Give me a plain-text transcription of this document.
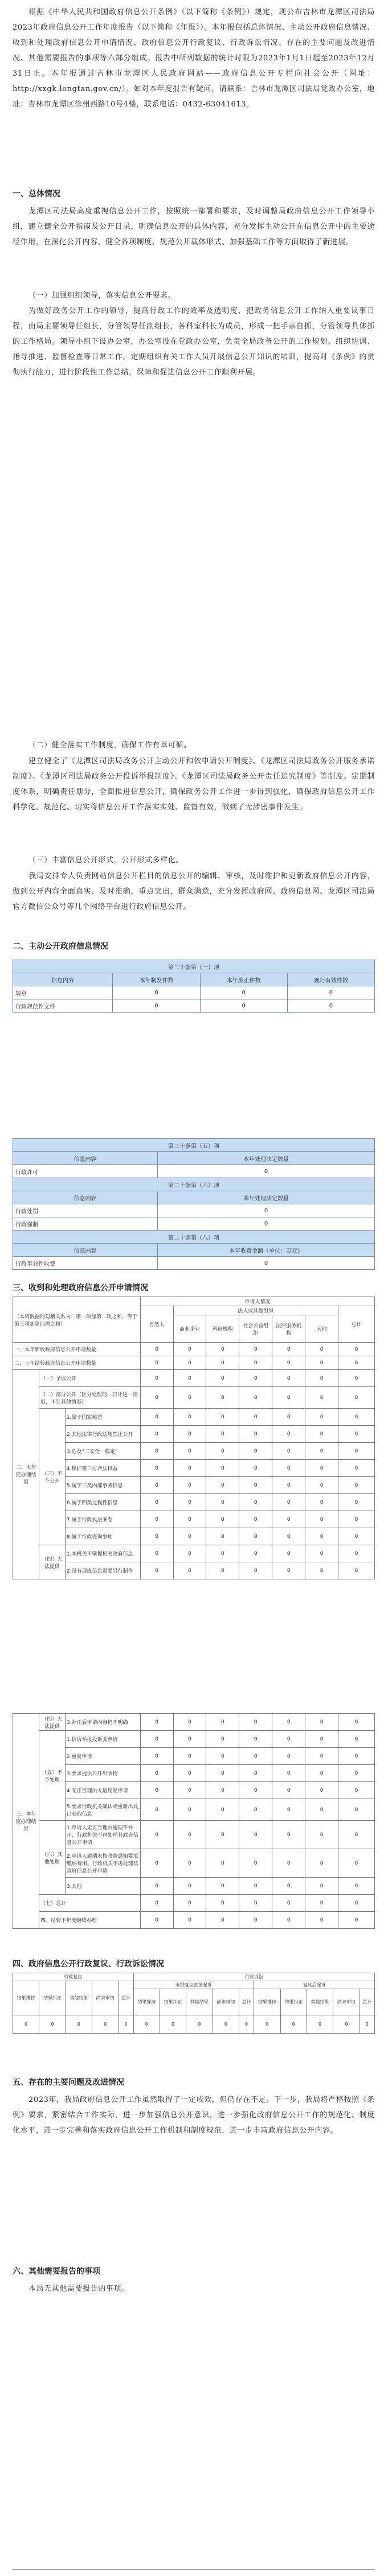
根据《中华人民共和国政府信息公开条例》（以下简称《条例》）规定，现公布吉林市龙潭区司法局2023年政府信息公开工作年度报告（以下简称《年报》）。本年报包括总体情况、主动公开政府信息情况、收到和处理政府信息公开申请情况、政府信息公开行政复议、行政诉讼情况、存在的主要问题及改进情况、其他需要报告的事项等六部分组成。报告中所列数据的统计时限为2023年1月1日起至2023年12月31日止。本年报通过吉林市龙潭区人民政府网站——政府信息公开专栏向社会公开（网址：http://xxgk.longtan.gov.cn/）。如对本年度报告有疑问，请联系：吉林市龙潭区司法局党政办公室，地址：吉林市龙潭区徐州西路10号4楼，联系电话：0432-63041613。
一、总体情况
龙潭区司法局高度重视信息公开工作，按照统一部署和要求，及时调整局政府信息公开工作领导小组，建立健全公开指南及公开目录，明确信息公开的具体内容，充分发挥主动公开在信息公开中的主要途径作用，在深化公开内容、健全各项制度、规范公开载体形式、加强基础工作等方面取得了新进展。
（一）加强组织领导，落实信息公开要求。
为做好政务公开工作的领导，提高行政工作的效率及透明度，把政务信息公开工作纳入重要议事日程，由局主要领导任组长，分管领导任副组长，各科室科长为成员，形成一把手亲自抓，分管领导具体抓的工作格局。领导小组下设办公室，办公室设在党政办公室，负责全局政务公开的工作规划、组织协调、指导推进、监督检查等日常工作。定期组织有关工作人员开展信息公开知识的培训，提高对《条例》的贯彻执行能力，进行阶段性工作总结，保障和促进信息公开工作顺利开展。
（二）健全落实工作制度，确保工作有章可循。
建立健全了《龙潭区司法局政务公开主动公开和依申请公开制度》、《龙潭区司法局政务公开服务承诺制度》、《龙潭区司法局政务公开投诉举报制度》、《龙潭区司法局政务公开责任追究制度》等制度。定期制度体系，明确责任划分，全面推进信息公开，确保政务公开工作进一步得到强化，确保政府信息公开工作科学化、规范化、切实将信息公开工作落实实处、监督有效，做到了无涉密事件发生。
（三）丰富信息公开形式，公开形式多样化。
我局安排专人负责网站信息公开栏目的信息公开的编辑、审核，及时维护和更新政府信息公开内容，做到公开内容全面真实、及时准确，重点突出，群众满意，充分发挥政府网、政府信息网、龙潭区司法局官方微信公众号等几个网络平台进行政府信息公开。
二、主动公开政府信息情况
第二十条第（一）项			
信息内容	本年制发件数	本年废止件数	现行有效件数
规章	0	0	0
行政规范性文件	0	0	0
第二十条第（五）项	
信息内容	本年处理决定数量
行政许可	0
第二十条第（六）项	
信息内容	本年处理决定数量
行政处罚	0
行政强制	0
第二十条第（八）项	
信息内容	本年收费金额（单位：万元）
行政事业性收费	0
三、收到和处理政府信息公开申请情况
（本列数据的勾稽关系为：第一项加第二项之和，等于第三项加第四项之和）			申请人情况						
			自然人	法人或其他组织					总计
				商业企业	科研机构	社会公益组织	法律服务机构	其他	
一、本年新收政府信息公开申请数量			0	0	0	0	0	0	0
二、上年结转政府信息公开申请数量			0	0	0	0	0	0	0
三、本年度办理结果	（一）予以公开		0	0	0	0	0	0	0
	（二）部分公开（区分处理的，只计这一情形，不计其他情形）		0	0	0	0	0	0	0
	（三）不予公开	1.属于国家秘密	0	0	0	0	0	0	0
		2.其他法律行政法规禁止公开	0	0	0	0	0	0	0
		3.危及“三安全一稳定”	0	0	0	0	0	0	0
		4.保护第三方合法权益	0	0	0	0	0	0	0
		5.属于三类内部事务信息	0	0	0	0	0	0	0
		6.属于四类过程性信息	0	0	0	0	0	0	0
		7.属于行政执法案卷	0	0	0	0	0	0	0
		8.属于行政查询事项	0	0	0	0	0	0	0
	（四）无法提供	1.本机关不掌握相关政府信息	0	0	0	0	0	0	0
		2.没有现成信息需要另行制作	0	0	0	0	0	0	0
三、本年度办理结果	（四）无法提供	3.补正后申请内容仍不明确	0	0	0	0	0	0	0
	（五）不予处理	1.信访举报投诉类申请	0	0	0	0	0	0	0
		2.重复申请	0	0	0	0	0	0	0
		3.要求提供公开出版物	0	0	0	0	0	0	0
		4.无正当理由大量反复申请	0	0	0	0	0	0	0
		5.要求行政机关确认或重新出具已获取信息	0	0	0	0	0	0	0
	（六）其他处理	1.申请人无正当理由逾期不补正、行政机关不再处理其政府信息公开申请	0	0	0	0	0	0	0
		2.申请人逾期未按收费通知要求缴纳费用、行政机关不再处理其政府信息公开申请	0	0	0	0	0	0	0
		3.其他	0	0	0	0	0	0	0
	（七）总计		0	0	0	0	0	0	0
	四、结转下年度继续办理		0	0	0	0	0	0	0
四、政府信息公开行政复议、行政诉讼情况
行政复议					行政诉讼									
结果维持	结果纠正	其他结果	尚未审结	总计	未经复议直接起诉					复议后起诉				
					结果维持	结果纠正	其他结果	尚未审结	总计	结果维持	结果纠正	其他结果	尚未审结	总计
0	0	0	0	0	0	0	0	0	0	0	0	0	0	0
五、存在的主要问题及改进情况
2023年，我局政府信息公开工作虽然取得了一定成效，但仍存在不足。下一步，我局将严格按照《条例》要求，紧密结合工作实际，进一步加强信息公开意识，进一步强化政府信息公开工作的规范化、制度化水平，进一步完善和落实政府信息公开工作机制和制度规范，进一步丰富政府信息公开内容。
六、其他需要报告的事项
本局无其他需要报告的事项。
